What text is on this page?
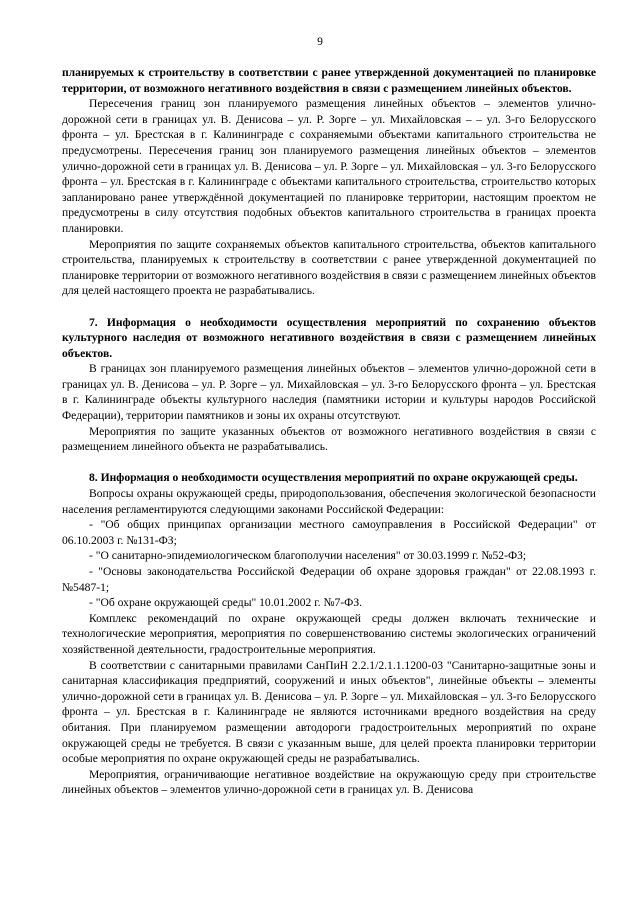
9
планируемых к строительству в соответствии с ранее утвержденной документацией по планировке территории, от возможного негативного воздействия в связи с размещением линейных объектов.

Пересечения границ зон планируемого размещения линейных объектов – элементов улично-дорожной сети в границах ул. В. Денисова – ул. Р. Зорге – ул. Михайловская – – ул. 3-го Белорусского фронта – ул. Брестская в г. Калининграде с сохраняемыми объектами капитального строительства не предусмотрены. Пересечения границ зон планируемого размещения линейных объектов – элементов улично-дорожной сети в границах ул. В. Денисова – ул. Р. Зорге – ул. Михайловская – ул. 3-го Белорусского фронта – ул. Брестская в г. Калининграде с объектами капитального строительства, строительство которых запланировано ранее утверждённой документацией по планировке территории, настоящим проектом не предусмотрены в силу отсутствия подобных объектов капитального строительства в границах проекта планировки.

Мероприятия по защите сохраняемых объектов капитального строительства, объектов капитального строительства, планируемых к строительству в соответствии с ранее утвержденной документацией по планировке территории от возможного негативного воздействия в связи с размещением линейных объектов для целей настоящего проекта не разрабатывались.

7. Информация о необходимости осуществления мероприятий по сохранению объектов культурного наследия от возможного негативного воздействия в связи с размещением линейных объектов.

В границах зон планируемого размещения линейных объектов – элементов улично-дорожной сети в границах ул. В. Денисова – ул. Р. Зорге – ул. Михайловская – ул. 3-го Белорусского фронта – ул. Брестская в г. Калининграде объекты культурного наследия (памятники истории и культуры народов Российской Федерации), территории памятников и зоны их охраны отсутствуют.

Мероприятия по защите указанных объектов от возможного негативного воздействия в связи с размещением линейного объекта не разрабатывались.

8. Информация о необходимости осуществления мероприятий по охране окружающей среды.

Вопросы охраны окружающей среды, природопользования, обеспечения экологической безопасности населения регламентируются следующими законами Российской Федерации:

- "Об общих принципах организации местного самоуправления в Российской Федерации" от 06.10.2003 г. №131-ФЗ;

- "О санитарно-эпидемиологическом благополучии населения" от 30.03.1999 г. №52-ФЗ;

- "Основы законодательства Российской Федерации об охране здоровья граждан" от 22.08.1993 г. №5487-1;

- "Об охране окружающей среды" 10.01.2002 г. №7-ФЗ.

Комплекс рекомендаций по охране окружающей среды должен включать технические и технологические мероприятия, мероприятия по совершенствованию системы экологических ограничений хозяйственной деятельности, градостроительные мероприятия.

В соответствии с санитарными правилами СанПиН 2.2.1/2.1.1.1200-03 "Санитарно-защитные зоны и санитарная классификация предприятий, сооружений и иных объектов", линейные объекты – элементы улично-дорожной сети в границах ул. В. Денисова – ул. Р. Зорге – ул. Михайловская – ул. 3-го Белорусского фронта – ул. Брестская в г. Калининграде не являются источниками вредного воздействия на среду обитания. При планируемом размещении автодороги градостроительных мероприятий по охране окружающей среды не требуется. В связи с указанным выше, для целей проекта планировки территории особые мероприятия по охране окружающей среды не разрабатывались.

Мероприятия, ограничивающие негативное воздействие на окружающую среду при строительстве линейных объектов – элементов улично-дорожной сети в границах ул. В. Денисова
